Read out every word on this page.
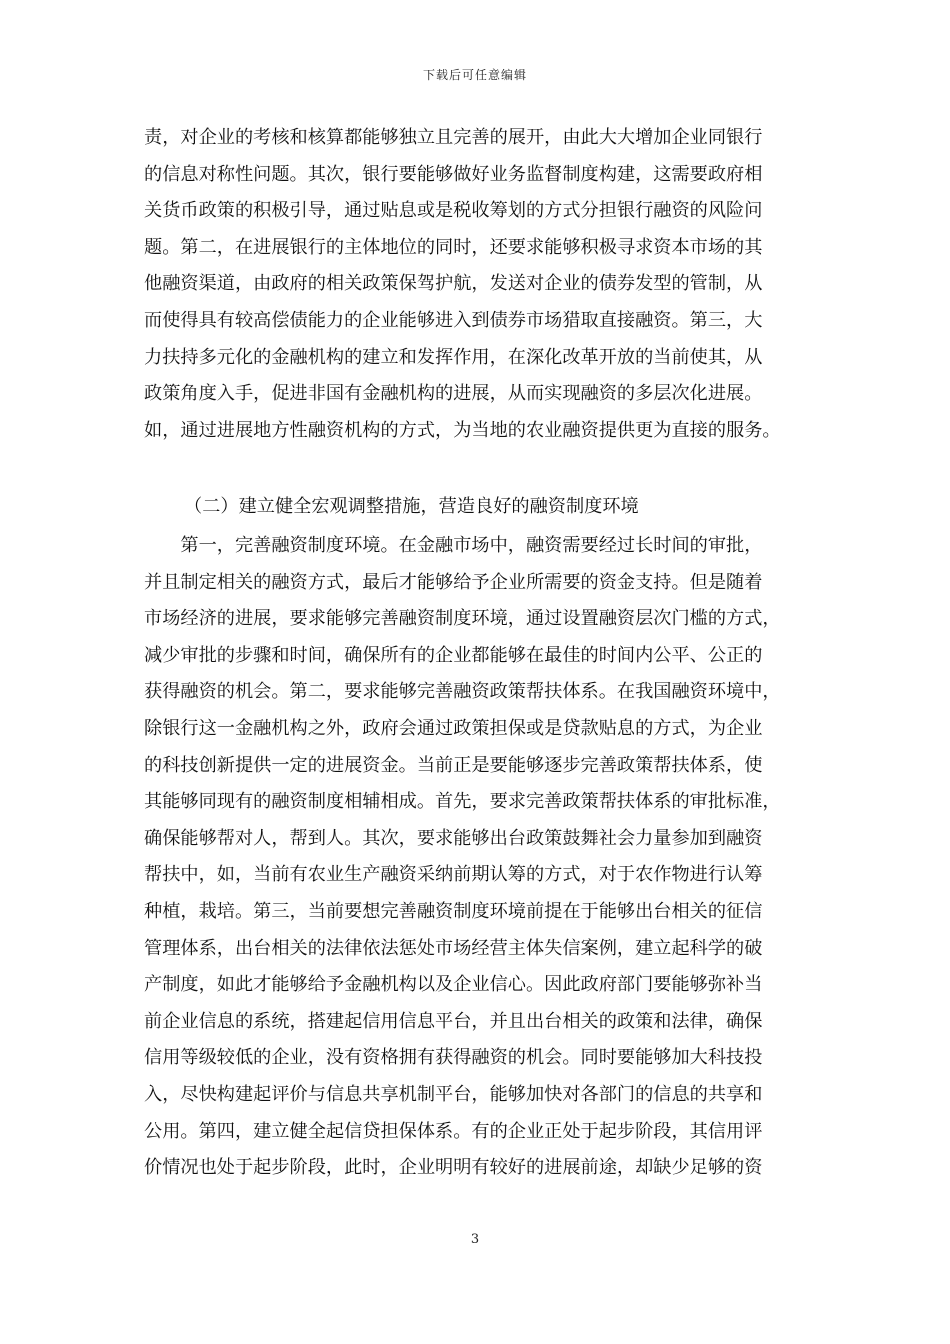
下载后可任意编辑
责，对企业的考核和核算都能够独立且完善的展开，由此大大增加企业同银行
的信息对称性问题。其次，银行要能够做好业务监督制度构建，这需要政府相
关货币政策的积极引导，通过贴息或是税收筹划的方式分担银行融资的风险问
题。第二，在进展银行的主体地位的同时，还要求能够积极寻求资本市场的其
他融资渠道，由政府的相关政策保驾护航，发送对企业的债券发型的管制，从
而使得具有较高偿债能力的企业能够进入到债券市场猎取直接融资。第三，大
力扶持多元化的金融机构的建立和发挥作用，在深化改革开放的当前使其，从
政策角度入手，促进非国有金融机构的进展，从而实现融资的多层次化进展。
如，通过进展地方性融资机构的方式，为当地的农业融资提供更为直接的服务。
（二）建立健全宏观调整措施，营造良好的融资制度环境
　　第一，完善融资制度环境。在金融市场中，融资需要经过长时间的审批，
并且制定相关的融资方式，最后才能够给予企业所需要的资金支持。但是随着
市场经济的进展，要求能够完善融资制度环境，通过设置融资层次门槛的方式，
减少审批的步骤和时间，确保所有的企业都能够在最佳的时间内公平、公正的
获得融资的机会。第二，要求能够完善融资政策帮扶体系。在我国融资环境中，
除银行这一金融机构之外，政府会通过政策担保或是贷款贴息的方式，为企业
的科技创新提供一定的进展资金。当前正是要能够逐步完善政策帮扶体系，使
其能够同现有的融资制度相辅相成。首先，要求完善政策帮扶体系的审批标准，
确保能够帮对人，帮到人。其次，要求能够出台政策鼓舞社会力量参加到融资
帮扶中，如，当前有农业生产融资采纳前期认筹的方式，对于农作物进行认筹
种植，栽培。第三，当前要想完善融资制度环境前提在于能够出台相关的征信
管理体系，出台相关的法律依法惩处市场经营主体失信案例，建立起科学的破
产制度，如此才能够给予金融机构以及企业信心。因此政府部门要能够弥补当
前企业信息的系统，搭建起信用信息平台，并且出台相关的政策和法律，确保
信用等级较低的企业，没有资格拥有获得融资的机会。同时要能够加大科技投
入，尽快构建起评价与信息共享机制平台，能够加快对各部门的信息的共享和
公用。第四，建立健全起信贷担保体系。有的企业正处于起步阶段，其信用评
价情况也处于起步阶段，此时，企业明明有较好的进展前途，却缺少足够的资
3
